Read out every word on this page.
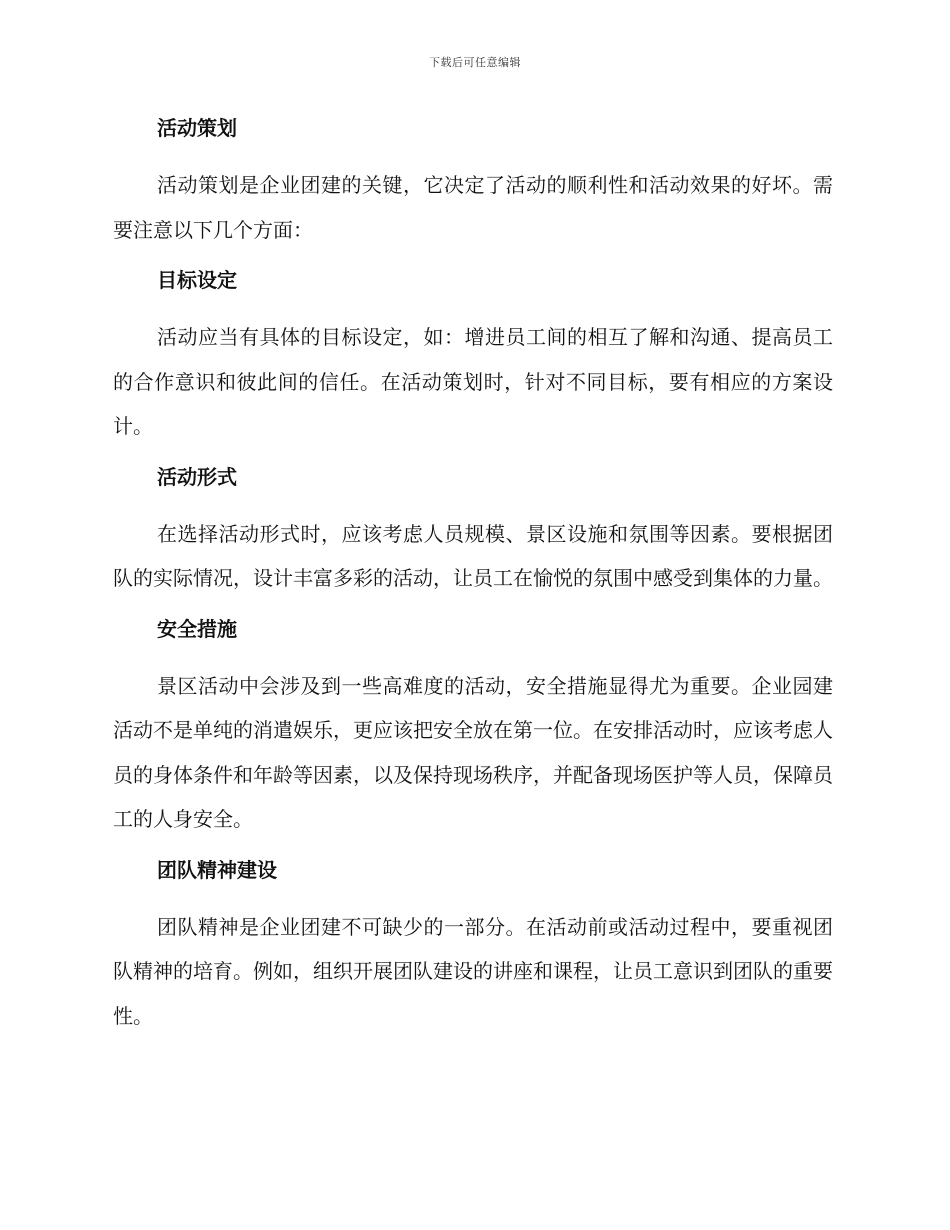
下载后可任意编辑
活动策划

活动策划是企业团建的关键，它决定了活动的顺利性和活动效果的好坏。需要注意以下几个方面：

目标设定

活动应当有具体的目标设定，如：增进员工间的相互了解和沟通、提高员工的合作意识和彼此间的信任。在活动策划时，针对不同目标，要有相应的方案设计。

活动形式

在选择活动形式时，应该考虑人员规模、景区设施和氛围等因素。要根据团队的实际情况，设计丰富多彩的活动，让员工在愉悦的氛围中感受到集体的力量。

安全措施

景区活动中会涉及到一些高难度的活动，安全措施显得尤为重要。企业园建活动不是单纯的消遣娱乐，更应该把安全放在第一位。在安排活动时，应该考虑人员的身体条件和年龄等因素，以及保持现场秩序，并配备现场医护等人员，保障员工的人身安全。

团队精神建设

团队精神是企业团建不可缺少的一部分。在活动前或活动过程中，要重视团队精神的培育。例如，组织开展团队建设的讲座和课程，让员工意识到团队的重要性。
